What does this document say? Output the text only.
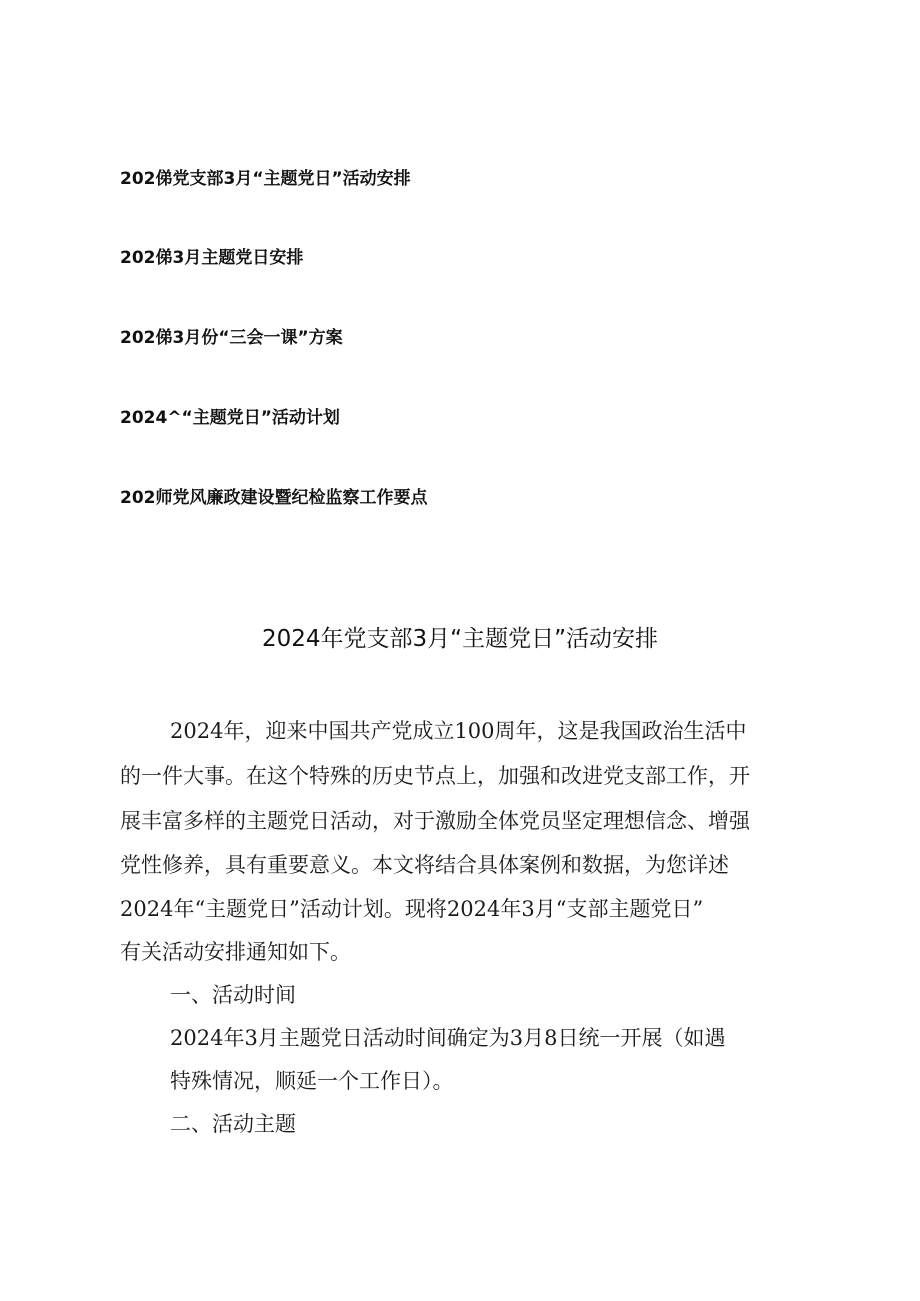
202俤党支部3月“主题党日”活动安排
202俤3月主题党日安排
202俤3月份“三会一课”方案
2024^“主题党日”活动计划
202师党风廉政建设暨纪检监察工作要点
2024年党支部3月“主题党日”活动安排
2024年，迎来中国共产党成立100周年，这是我国政治生活中
的一件大事。在这个特殊的历史节点上，加强和改进党支部工作，开
展丰富多样的主题党日活动，对于激励全体党员坚定理想信念、增强
党性修养，具有重要意义。本文将结合具体案例和数据，为您详述
2024年“主题党日”活动计划。现将2024年3月“支部主题党日”
有关活动安排通知如下。
一、活动时间
2024年3月主题党日活动时间确定为3月8日统一开展（如遇
特殊情况，顺延一个工作日）。
二、活动主题
